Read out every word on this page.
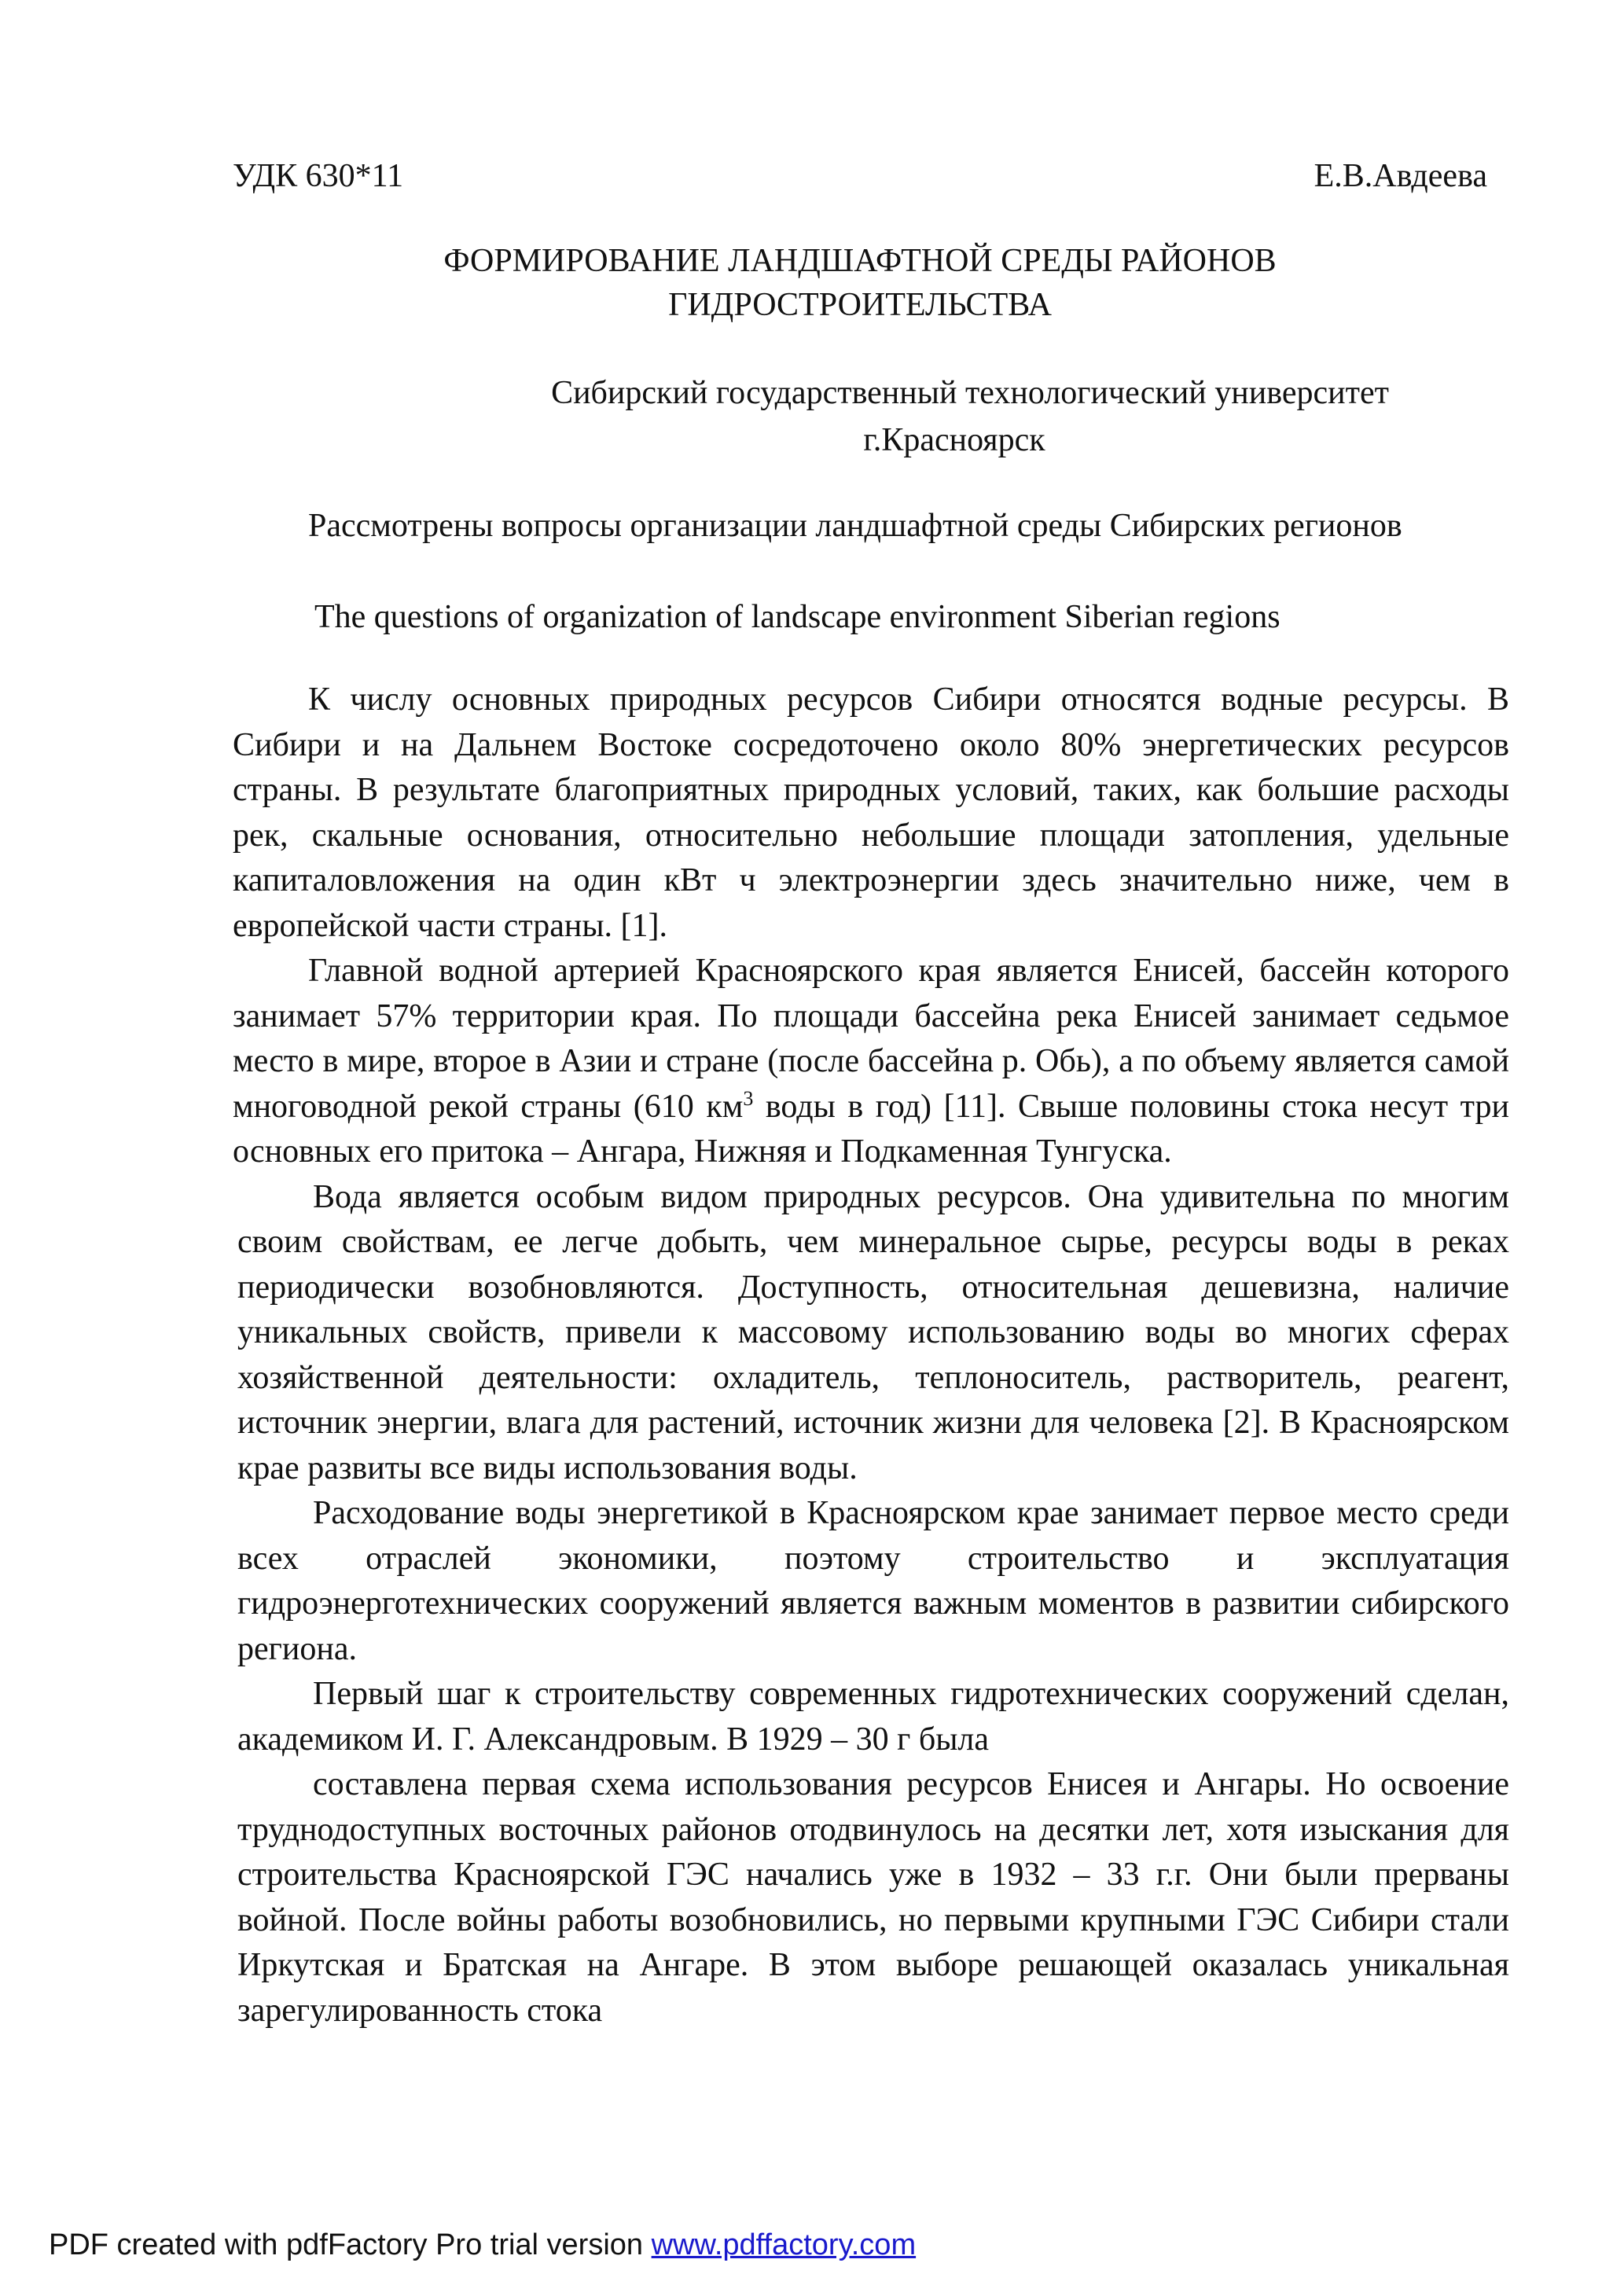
УДК 630*11	Е.В.Авдеева
ФОРМИРОВАНИЕ ЛАНДШАФТНОЙ СРЕДЫ РАЙОНОВ
ГИДРОСТРОИТЕЛЬСТВА
Сибирский государственный технологический университет
г.Красноярск
Рассмотрены вопросы организации ландшафтной среды Сибирских регионов
The questions of organization of landscape environment Siberian regions

К числу основных природных ресурсов Сибири относятся водные ресурсы. В Сибири и на Дальнем Востоке сосредоточено около 80% энергетических ресурсов страны. В результате благоприятных природных условий, таких, как большие расходы рек, скальные основания, относительно небольшие площади затопления, удельные капиталовложения на один кВт ч электроэнергии здесь значительно ниже, чем в европейской части страны. [1].

Главной водной артерией Красноярского края является Енисей, бассейн которого занимает 57% территории края. По площади бассейна река Енисей занимает седьмое место в мире, второе в Азии и стране (после бассейна р. Обь), а по объему является самой многоводной рекой страны (610 $км^3$ воды в год) [11]. Свыше половины стока несут три основных его притока – Ангара, Нижняя и Подкаменная Тунгуска.

Вода является особым видом природных ресурсов. Она удивительна по многим своим свойствам, ее легче добыть, чем минеральное сырье, ресурсы воды в реках периодически возобновляются. Доступность, относительная дешевизна, наличие уникальных свойств, привели к массовому использованию воды во многих сферах хозяйственной деятельности: охладитель, теплоноситель, растворитель, реагент, источник энергии, влага для растений, источник жизни для человека [2]. В Красноярском крае развиты все виды использования воды.

Расходование воды энергетикой в Красноярском крае занимает первое место среди всех отраслей экономики, поэтому строительство и эксплуатация гидроэнерготехнических сооружений является важным моментов в развитии сибирского региона.

Первый шаг к строительству современных гидротехнических сооружений сделан, академиком И. Г. Александровым. В 1929 – 30 г была

составлена первая схема использования ресурсов Енисея и Ангары. Но освоение труднодоступных восточных районов отодвинулось на десятки лет, хотя изыскания для строительства Красноярской ГЭС начались уже в 1932 – 33 г.г. Они были прерваны войной. После войны работы возобновились, но первыми крупными ГЭС Сибири стали Иркутская и Братская на Ангаре. В этом выборе решающей оказалась уникальная зарегулированность стока

PDF created with pdfFactory Pro trial version www.pdffactory.com
